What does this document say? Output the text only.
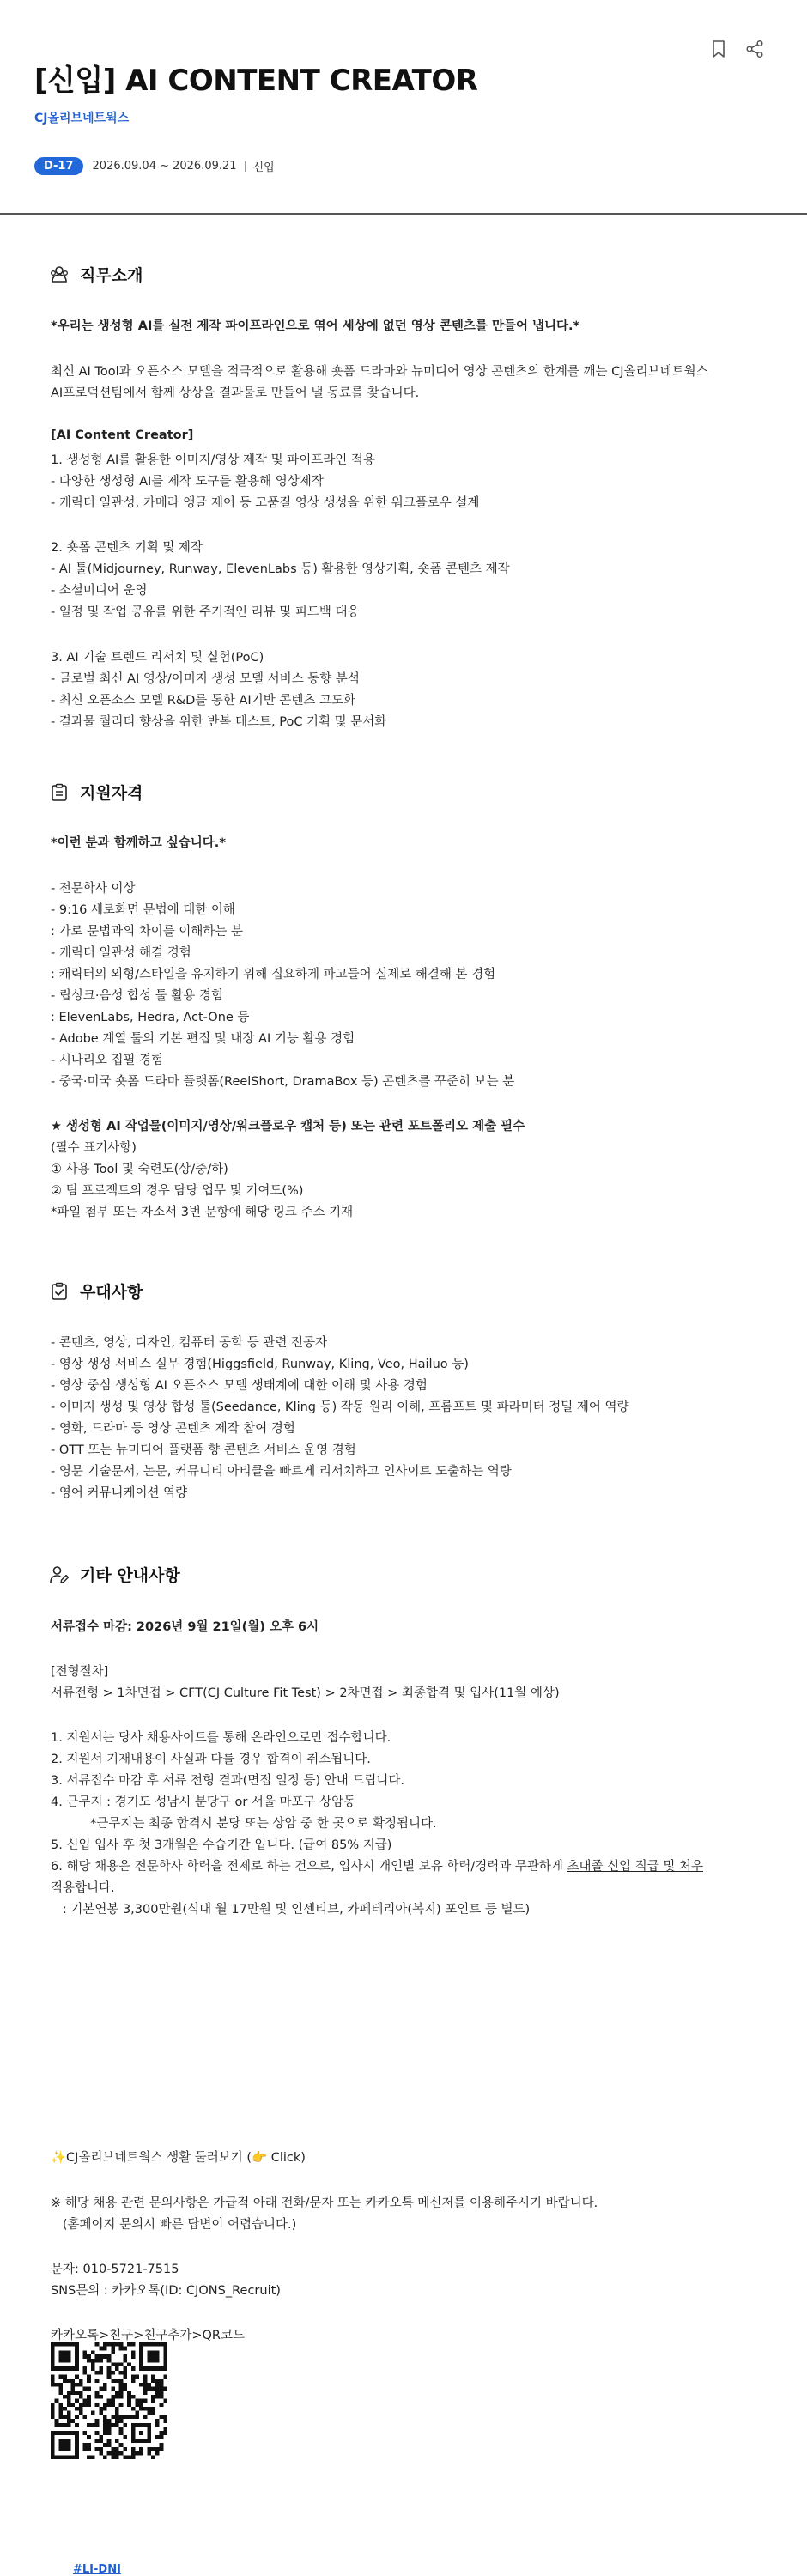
[신입] AI CONTENT CREATOR
CJ올리브네트웍스
D-17	2026.09.04 ~ 2026.09.21 신입
직무소개
*우리는 생성형 AI를 실전 제작 파이프라인으로 엮어 세상에 없던 영상 콘텐츠를 만들어 냅니다.*
최신 AI Tool과 오픈소스 모델을 적극적으로 활용해 숏폼 드라마와 뉴미디어 영상 콘텐츠의 한계를 깨는 CJ올리브네트웍스
AI프로덕션팀에서 함께 상상을 결과물로 만들어 낼 동료를 찾습니다.
[AI Content Creator]
1. 생성형 AI를 활용한 이미지/영상 제작 및 파이프라인 적용
- 다양한 생성형 AI를 제작 도구를 활용해 영상제작
- 캐릭터 일관성, 카메라 앵글 제어 등 고품질 영상 생성을 위한 워크플로우 설계
2. 숏폼 콘텐츠 기획 및 제작
- AI 툴(Midjourney, Runway, ElevenLabs 등) 활용한 영상기획, 숏폼 콘텐츠 제작
- 소셜미디어 운영
- 일정 및 작업 공유를 위한 주기적인 리뷰 및 피드백 대응
3. AI 기술 트렌드 리서치 및 실험(PoC)
- 글로벌 최신 AI 영상/이미지 생성 모델 서비스 동향 분석
- 최신 오픈소스 모델 R&D를 통한 AI기반 콘텐츠 고도화
- 결과물 퀄리티 향상을 위한 반복 테스트, PoC 기획 및 문서화
지원자격
*이런 분과 함께하고 싶습니다.*
- 전문학사 이상
- 9:16 세로화면 문법에 대한 이해
: 가로 문법과의 차이를 이해하는 분
- 캐릭터 일관성 해결 경험
: 캐릭터의 외형/스타일을 유지하기 위해 집요하게 파고들어 실제로 해결해 본 경험
- 립싱크·음성 합성 툴 활용 경험
: ElevenLabs, Hedra, Act-One 등
- Adobe 계열 툴의 기본 편집 및 내장 AI 기능 활용 경험
- 시나리오 집필 경험
- 중국·미국 숏폼 드라마 플랫폼(ReelShort, DramaBox 등) 콘텐츠를 꾸준히 보는 분
★ 생성형 AI 작업물(이미지/영상/워크플로우 캡처 등) 또는 관련 포트폴리오 제출 필수
(필수 표기사항)
① 사용 Tool 및 숙련도(상/중/하)
② 팀 프로젝트의 경우 담당 업무 및 기여도(%)
*파일 첨부 또는 자소서 3번 문항에 해당 링크 주소 기재
우대사항
- 콘텐츠, 영상, 디자인, 컴퓨터 공학 등 관련 전공자
- 영상 생성 서비스 실무 경험(Higgsfield, Runway, Kling, Veo, Hailuo 등)
- 영상 중심 생성형 AI 오픈소스 모델 생태계에 대한 이해 및 사용 경험
- 이미지 생성 및 영상 합성 툴(Seedance, Kling 등) 작동 원리 이해, 프롬프트 및 파라미터 정밀 제어 역량
- 영화, 드라마 등 영상 콘텐츠 제작 참여 경험
- OTT 또는 뉴미디어 플랫폼 향 콘텐츠 서비스 운영 경험
- 영문 기술문서, 논문, 커뮤니티 아티클을 빠르게 리서치하고 인사이트 도출하는 역량
- 영어 커뮤니케이션 역량
기타 안내사항
서류접수 마감: 2026년 9월 21일(월) 오후 6시
[전형절차]
서류전형 > 1차면접 > CFT(CJ Culture Fit Test) > 2차면접 > 최종합격 및 입사(11월 예상)
1. 지원서는 당사 채용사이트를 통해 온라인으로만 접수합니다.
2. 지원서 기재내용이 사실과 다를 경우 합격이 취소됩니다.
3. 서류접수 마감 후 서류 전형 결과(면접 일정 등) 안내 드립니다.
4. 근무지 : 경기도 성남시 분당구 or 서울 마포구 상암동
*근무지는 최종 합격시 분당 또는 상암 중 한 곳으로 확정됩니다.
5. 신입 입사 후 첫 3개월은 수습기간 입니다. (급여 85% 지급)
6. 해당 채용은 전문학사 학력을 전제로 하는 건으로, 입사시 개인별 보유 학력/경력과 무관하게 초대졸 신입 직급 및 처우
적용합니다.
: 기본연봉 3,300만원(식대 월 17만원 및 인센티브, 카페테리아(복지) 포인트 등 별도)
✨CJ올리브네트웍스 생활 둘러보기 (👉 Click)
※ 해당 채용 관련 문의사항은 가급적 아래 전화/문자 또는 카카오톡 메신저를 이용해주시기 바랍니다.
(홈페이지 문의시 빠른 답변이 어렵습니다.)
문자: 010-5721-7515
SNS문의 : 카카오톡(ID: CJONS_Recruit)
카카오톡>친구>친구추가>QR코드
#LI-DNI
